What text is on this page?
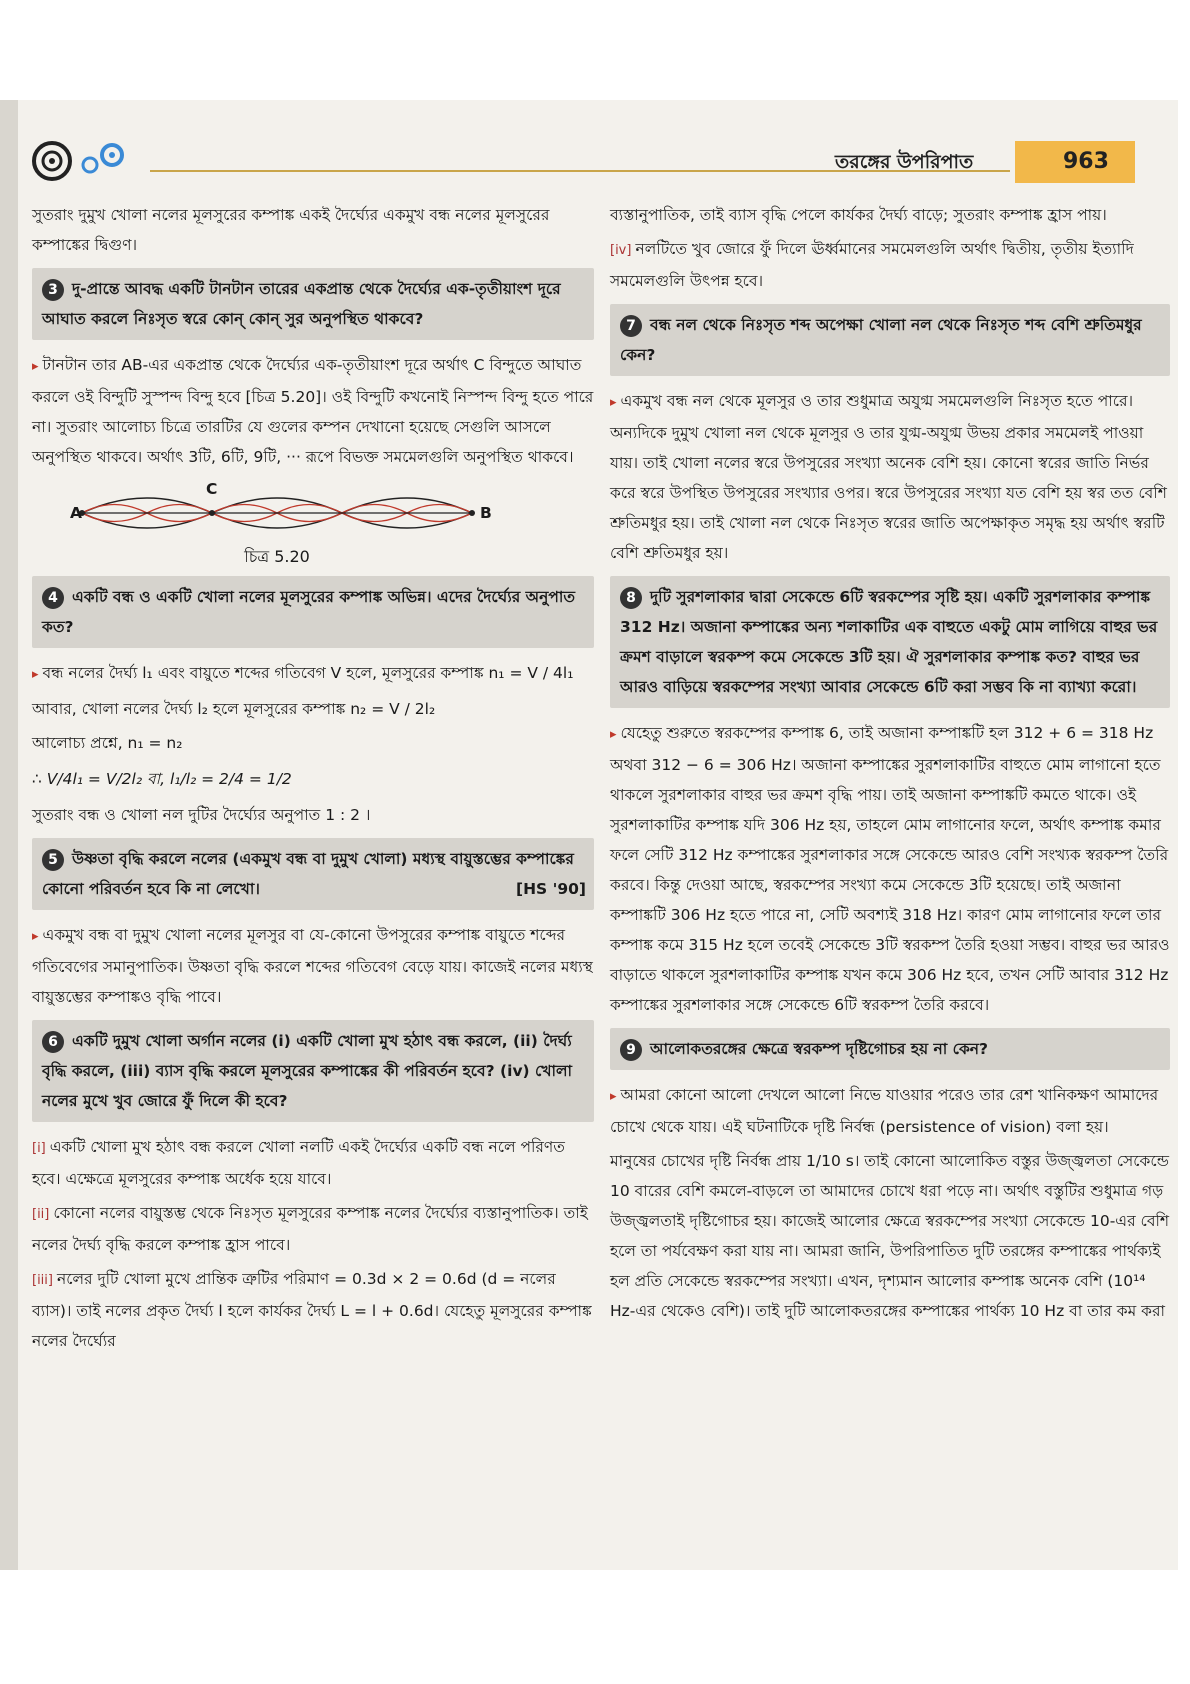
তরঙ্গের উপরিপাত	963

সুতরাং দুমুখ খোলা নলের মূলসুরের কম্পাঙ্ক একই দৈর্ঘ্যের একমুখ বন্ধ নলের মূলসুরের কম্পাঙ্কের দ্বিগুণ।

3 দু-প্রান্তে আবদ্ধ একটি টানটান তারের একপ্রান্ত থেকে দৈর্ঘ্যের এক-তৃতীয়াংশ দূরে আঘাত করলে নিঃসৃত স্বরে কোন্ কোন্ সুর অনুপস্থিত থাকবে?

▸ টানটান তার AB-এর একপ্রান্ত থেকে দৈর্ঘ্যের এক-তৃতীয়াংশ দূরে অর্থাৎ C বিন্দুতে আঘাত করলে ওই বিন্দুটি সুস্পন্দ বিন্দু হবে [চিত্র 5.20]। ওই বিন্দুটি কখনোই নিস্পন্দ বিন্দু হতে পারে না। সুতরাং আলোচ্য চিত্রে তারটির যে গুলের কম্পন দেখানো হয়েছে সেগুলি আসলে অনুপস্থিত থাকবে। অর্থাৎ 3টি, 6টি, 9টি, ··· রূপে বিভক্ত সমমেলগুলি অনুপস্থিত থাকবে।

A
C
B
চিত্র 5.20
4 একটি বন্ধ ও একটি খোলা নলের মূলসুরের কম্পাঙ্ক অভিন্ন। এদের দৈর্ঘ্যের অনুপাত কত?

▸ বন্ধ নলের দৈর্ঘ্য l₁ এবং বায়ুতে শব্দের গতিবেগ V হলে, মূলসুরের কম্পাঙ্ক n₁ = V / 4l₁

আবার, খোলা নলের দৈর্ঘ্য l₂ হলে মূলসুরের কম্পাঙ্ক n₂ = V / 2l₂

আলোচ্য প্রশ্নে, n₁ = n₂

∴ V/4l₁ = V/2l₂ বা, l₁/l₂ = 2/4 = 1/2

সুতরাং বন্ধ ও খোলা নল দুটির দৈর্ঘ্যের অনুপাত 1 : 2 ।

5 উষ্ণতা বৃদ্ধি করলে নলের (একমুখ বন্ধ বা দুমুখ খোলা) মধ্যস্থ বায়ুস্তম্ভের কম্পাঙ্কের কোনো পরিবর্তন হবে কি না লেখো।	[HS '90]

▸ একমুখ বন্ধ বা দুমুখ খোলা নলের মূলসুর বা যে-কোনো উপসুরের কম্পাঙ্ক বায়ুতে শব্দের গতিবেগের সমানুপাতিক। উষ্ণতা বৃদ্ধি করলে শব্দের গতিবেগ বেড়ে যায়। কাজেই নলের মধ্যস্থ বায়ুস্তম্ভের কম্পাঙ্কও বৃদ্ধি পাবে।

6 একটি দুমুখ খোলা অর্গান নলের (i) একটি খোলা মুখ হঠাৎ বন্ধ করলে, (ii) দৈর্ঘ্য বৃদ্ধি করলে, (iii) ব্যাস বৃদ্ধি করলে মূলসুরের কম্পাঙ্কের কী পরিবর্তন হবে? (iv) খোলা নলের মুখে খুব জোরে ফুঁ দিলে কী হবে?

[i] একটি খোলা মুখ হঠাৎ বন্ধ করলে খোলা নলটি একই দৈর্ঘ্যের একটি বন্ধ নলে পরিণত হবে। এক্ষেত্রে মূলসুরের কম্পাঙ্ক অর্ধেক হয়ে যাবে।

[ii] কোনো নলের বায়ুস্তম্ভ থেকে নিঃসৃত মূলসুরের কম্পাঙ্ক নলের দৈর্ঘ্যের ব্যস্তানুপাতিক। তাই নলের দৈর্ঘ্য বৃদ্ধি করলে কম্পাঙ্ক হ্রাস পাবে।

[iii] নলের দুটি খোলা মুখে প্রান্তিক ত্রুটির পরিমাণ = 0.3d × 2 = 0.6d (d = নলের ব্যাস)। তাই নলের প্রকৃত দৈর্ঘ্য l হলে কার্যকর দৈর্ঘ্য L = l + 0.6d। যেহেতু মূলসুরের কম্পাঙ্ক নলের দৈর্ঘ্যের

ব্যস্তানুপাতিক, তাই ব্যাস বৃদ্ধি পেলে কার্যকর দৈর্ঘ্য বাড়ে; সুতরাং কম্পাঙ্ক হ্রাস পায়।

[iv] নলটিতে খুব জোরে ফুঁ দিলে ঊর্ধ্বমানের সমমেলগুলি অর্থাৎ দ্বিতীয়, তৃতীয় ইত্যাদি সমমেলগুলি উৎপন্ন হবে।

7 বন্ধ নল থেকে নিঃসৃত শব্দ অপেক্ষা খোলা নল থেকে নিঃসৃত শব্দ বেশি শ্রুতিমধুর কেন?

▸ একমুখ বন্ধ নল থেকে মূলসুর ও তার শুধুমাত্র অযুগ্ম সমমেলগুলি নিঃসৃত হতে পারে। অন্যদিকে দুমুখ খোলা নল থেকে মূলসুর ও তার যুগ্ম-অযুগ্ম উভয় প্রকার সমমেলই পাওয়া যায়। তাই খোলা নলের স্বরে উপসুরের সংখ্যা অনেক বেশি হয়। কোনো স্বরের জাতি নির্ভর করে স্বরে উপস্থিত উপসুরের সংখ্যার ওপর। স্বরে উপসুরের সংখ্যা যত বেশি হয় স্বর তত বেশি শ্রুতিমধুর হয়। তাই খোলা নল থেকে নিঃসৃত স্বরের জাতি অপেক্ষাকৃত সমৃদ্ধ হয় অর্থাৎ স্বরটি বেশি শ্রুতিমধুর হয়।

8 দুটি সুরশলাকার দ্বারা সেকেন্ডে 6টি স্বরকম্পের সৃষ্টি হয়। একটি সুরশলাকার কম্পাঙ্ক 312 Hz। অজানা কম্পাঙ্কের অন্য শলাকাটির এক বাহুতে একটু মোম লাগিয়ে বাহুর ভর ক্রমশ বাড়ালে স্বরকম্প কমে সেকেন্ডে 3টি হয়। ঐ সুরশলাকার কম্পাঙ্ক কত? বাহুর ভর আরও বাড়িয়ে স্বরকম্পের সংখ্যা আবার সেকেন্ডে 6টি করা সম্ভব কি না ব্যাখ্যা করো।

▸ যেহেতু শুরুতে স্বরকম্পের কম্পাঙ্ক 6, তাই অজানা কম্পাঙ্কটি হল 312 + 6 = 318 Hz অথবা 312 − 6 = 306 Hz। অজানা কম্পাঙ্কের সুরশলাকাটির বাহুতে মোম লাগানো হতে থাকলে সুরশলাকার বাহুর ভর ক্রমশ বৃদ্ধি পায়। তাই অজানা কম্পাঙ্কটি কমতে থাকে। ওই সুরশলাকাটির কম্পাঙ্ক যদি 306 Hz হয়, তাহলে মোম লাগানোর ফলে, অর্থাৎ কম্পাঙ্ক কমার ফলে সেটি 312 Hz কম্পাঙ্কের সুরশলাকার সঙ্গে সেকেন্ডে আরও বেশি সংখ্যক স্বরকম্প তৈরি করবে। কিন্তু দেওয়া আছে, স্বরকম্পের সংখ্যা কমে সেকেন্ডে 3টি হয়েছে। তাই অজানা কম্পাঙ্কটি 306 Hz হতে পারে না, সেটি অবশ্যই 318 Hz। কারণ মোম লাগানোর ফলে তার কম্পাঙ্ক কমে 315 Hz হলে তবেই সেকেন্ডে 3টি স্বরকম্প তৈরি হওয়া সম্ভব। বাহুর ভর আরও বাড়াতে থাকলে সুরশলাকাটির কম্পাঙ্ক যখন কমে 306 Hz হবে, তখন সেটি আবার 312 Hz কম্পাঙ্কের সুরশলাকার সঙ্গে সেকেন্ডে 6টি স্বরকম্প তৈরি করবে।

9 আলোকতরঙ্গের ক্ষেত্রে স্বরকম্প দৃষ্টিগোচর হয় না কেন?

▸ আমরা কোনো আলো দেখলে আলো নিভে যাওয়ার পরেও তার রেশ খানিকক্ষণ আমাদের চোখে থেকে যায়। এই ঘটনাটিকে দৃষ্টি নির্বন্ধ (persistence of vision) বলা হয়।

মানুষের চোখের দৃষ্টি নির্বন্ধ প্রায় 1/10 s। তাই কোনো আলোকিত বস্তুর উজ্জ্বলতা সেকেন্ডে 10 বারের বেশি কমলে-বাড়লে তা আমাদের চোখে ধরা পড়ে না। অর্থাৎ বস্তুটির শুধুমাত্র গড় উজ্জ্বলতাই দৃষ্টিগোচর হয়। কাজেই আলোর ক্ষেত্রে স্বরকম্পের সংখ্যা সেকেন্ডে 10-এর বেশি হলে তা পর্যবেক্ষণ করা যায় না। আমরা জানি, উপরিপাতিত দুটি তরঙ্গের কম্পাঙ্কের পার্থক্যই হল প্রতি সেকেন্ডে স্বরকম্পের সংখ্যা। এখন, দৃশ্যমান আলোর কম্পাঙ্ক অনেক বেশি (10¹⁴ Hz-এর থেকেও বেশি)। তাই দুটি আলোকতরঙ্গের কম্পাঙ্কের পার্থক্য 10 Hz বা তার কম করা
